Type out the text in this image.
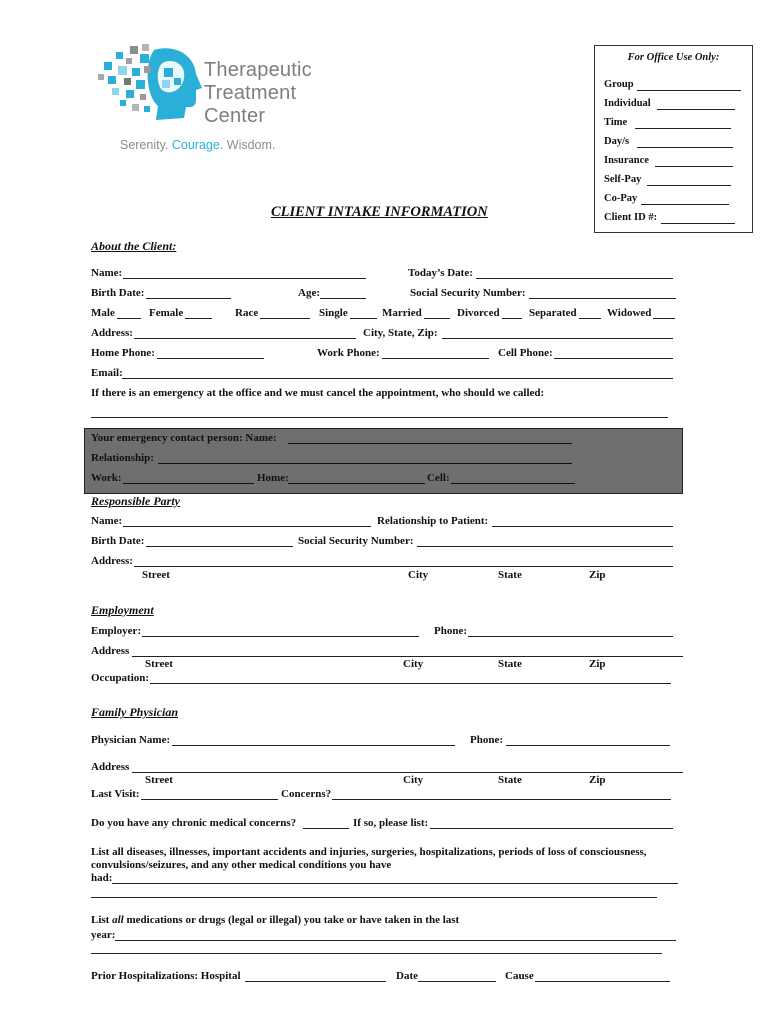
Therapeutic
Treatment
Center
Serenity. Courage. Wisdom.
For Office Use Only:
Group
Individual
Time
Day/s
Insurance
Self-Pay
Co-Pay
Client ID #:
CLIENT INTAKE INFORMATION
About the Client:
Name:	Today’s Date:
Birth Date:	Age:	Social Security Number:
Male	Female	Race	Single	Married	Divorced	Separated	Widowed
Address:	City, State, Zip:
Home Phone:	Work Phone:	Cell Phone:
Email:
If there is an emergency at the office and we must cancel the appointment, who should we called:
Your emergency contact person: Name:
Relationship:
Work:	Home:	Cell:
Responsible Party
Name:	Relationship to Patient:
Birth Date:	Social Security Number:
Address:
Street	City	State	Zip
Employment
Employer:	Phone:
Address
Street	City	State	Zip
Occupation:
Family Physician
Physician Name:	Phone:
Address
Street	City	State	Zip
Last Visit:	Concerns?
Do you have any chronic medical concerns?	If so, please list:
List all diseases, illnesses, important accidents and injuries, surgeries, hospitalizations, periods of loss of consciousness,
convulsions/seizures, and any other medical conditions you have
had:
List all medications or drugs (legal or illegal) you take or have taken in the last
year:
Prior Hospitalizations: Hospital	Date	Cause
